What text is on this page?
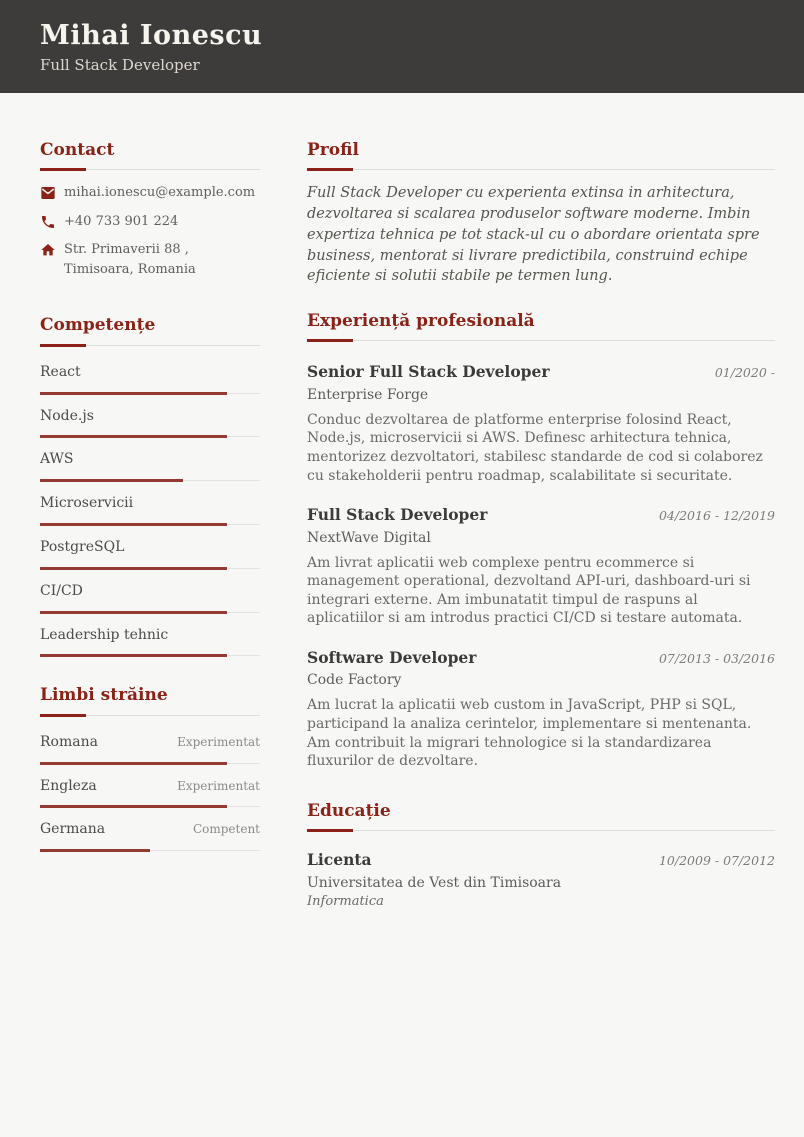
Mihai Ionescu
Full Stack Developer
Contact
mihai.ionescu@example.com
+40 733 901 224
Str. Primaverii 88 , Timisoara, Romania
Competențe
React
Node.js
AWS
Microservicii
PostgreSQL
CI/CD
Leadership tehnic
Limbi străine
Romana	Experimentat
Engleza	Experimentat
Germana	Competent
Profil
Full Stack Developer cu experienta extinsa in arhitectura, dezvoltarea si scalarea produselor software moderne. Imbin expertiza tehnica pe tot stack-ul cu o abordare orientata spre business, mentorat si livrare predictibila, construind echipe eficiente si solutii stabile pe termen lung.
Experiență profesională
Senior Full Stack Developer	01/2020 -
Enterprise Forge
Conduc dezvoltarea de platforme enterprise folosind React, Node.js, microservicii si AWS. Definesc arhitectura tehnica, mentorizez dezvoltatori, stabilesc standarde de cod si colaborez cu stakeholderii pentru roadmap, scalabilitate si securitate.
Full Stack Developer	04/2016 - 12/2019
NextWave Digital
Am livrat aplicatii web complexe pentru ecommerce si management operational, dezvoltand API-uri, dashboard-uri si integrari externe. Am imbunatatit timpul de raspuns al aplicatiilor si am introdus practici CI/CD si testare automata.
Software Developer	07/2013 - 03/2016
Code Factory
Am lucrat la aplicatii web custom in JavaScript, PHP si SQL, participand la analiza cerintelor, implementare si mentenanta. Am contribuit la migrari tehnologice si la standardizarea fluxurilor de dezvoltare.
Educație
Licenta	10/2009 - 07/2012
Universitatea de Vest din Timisoara
Informatica
